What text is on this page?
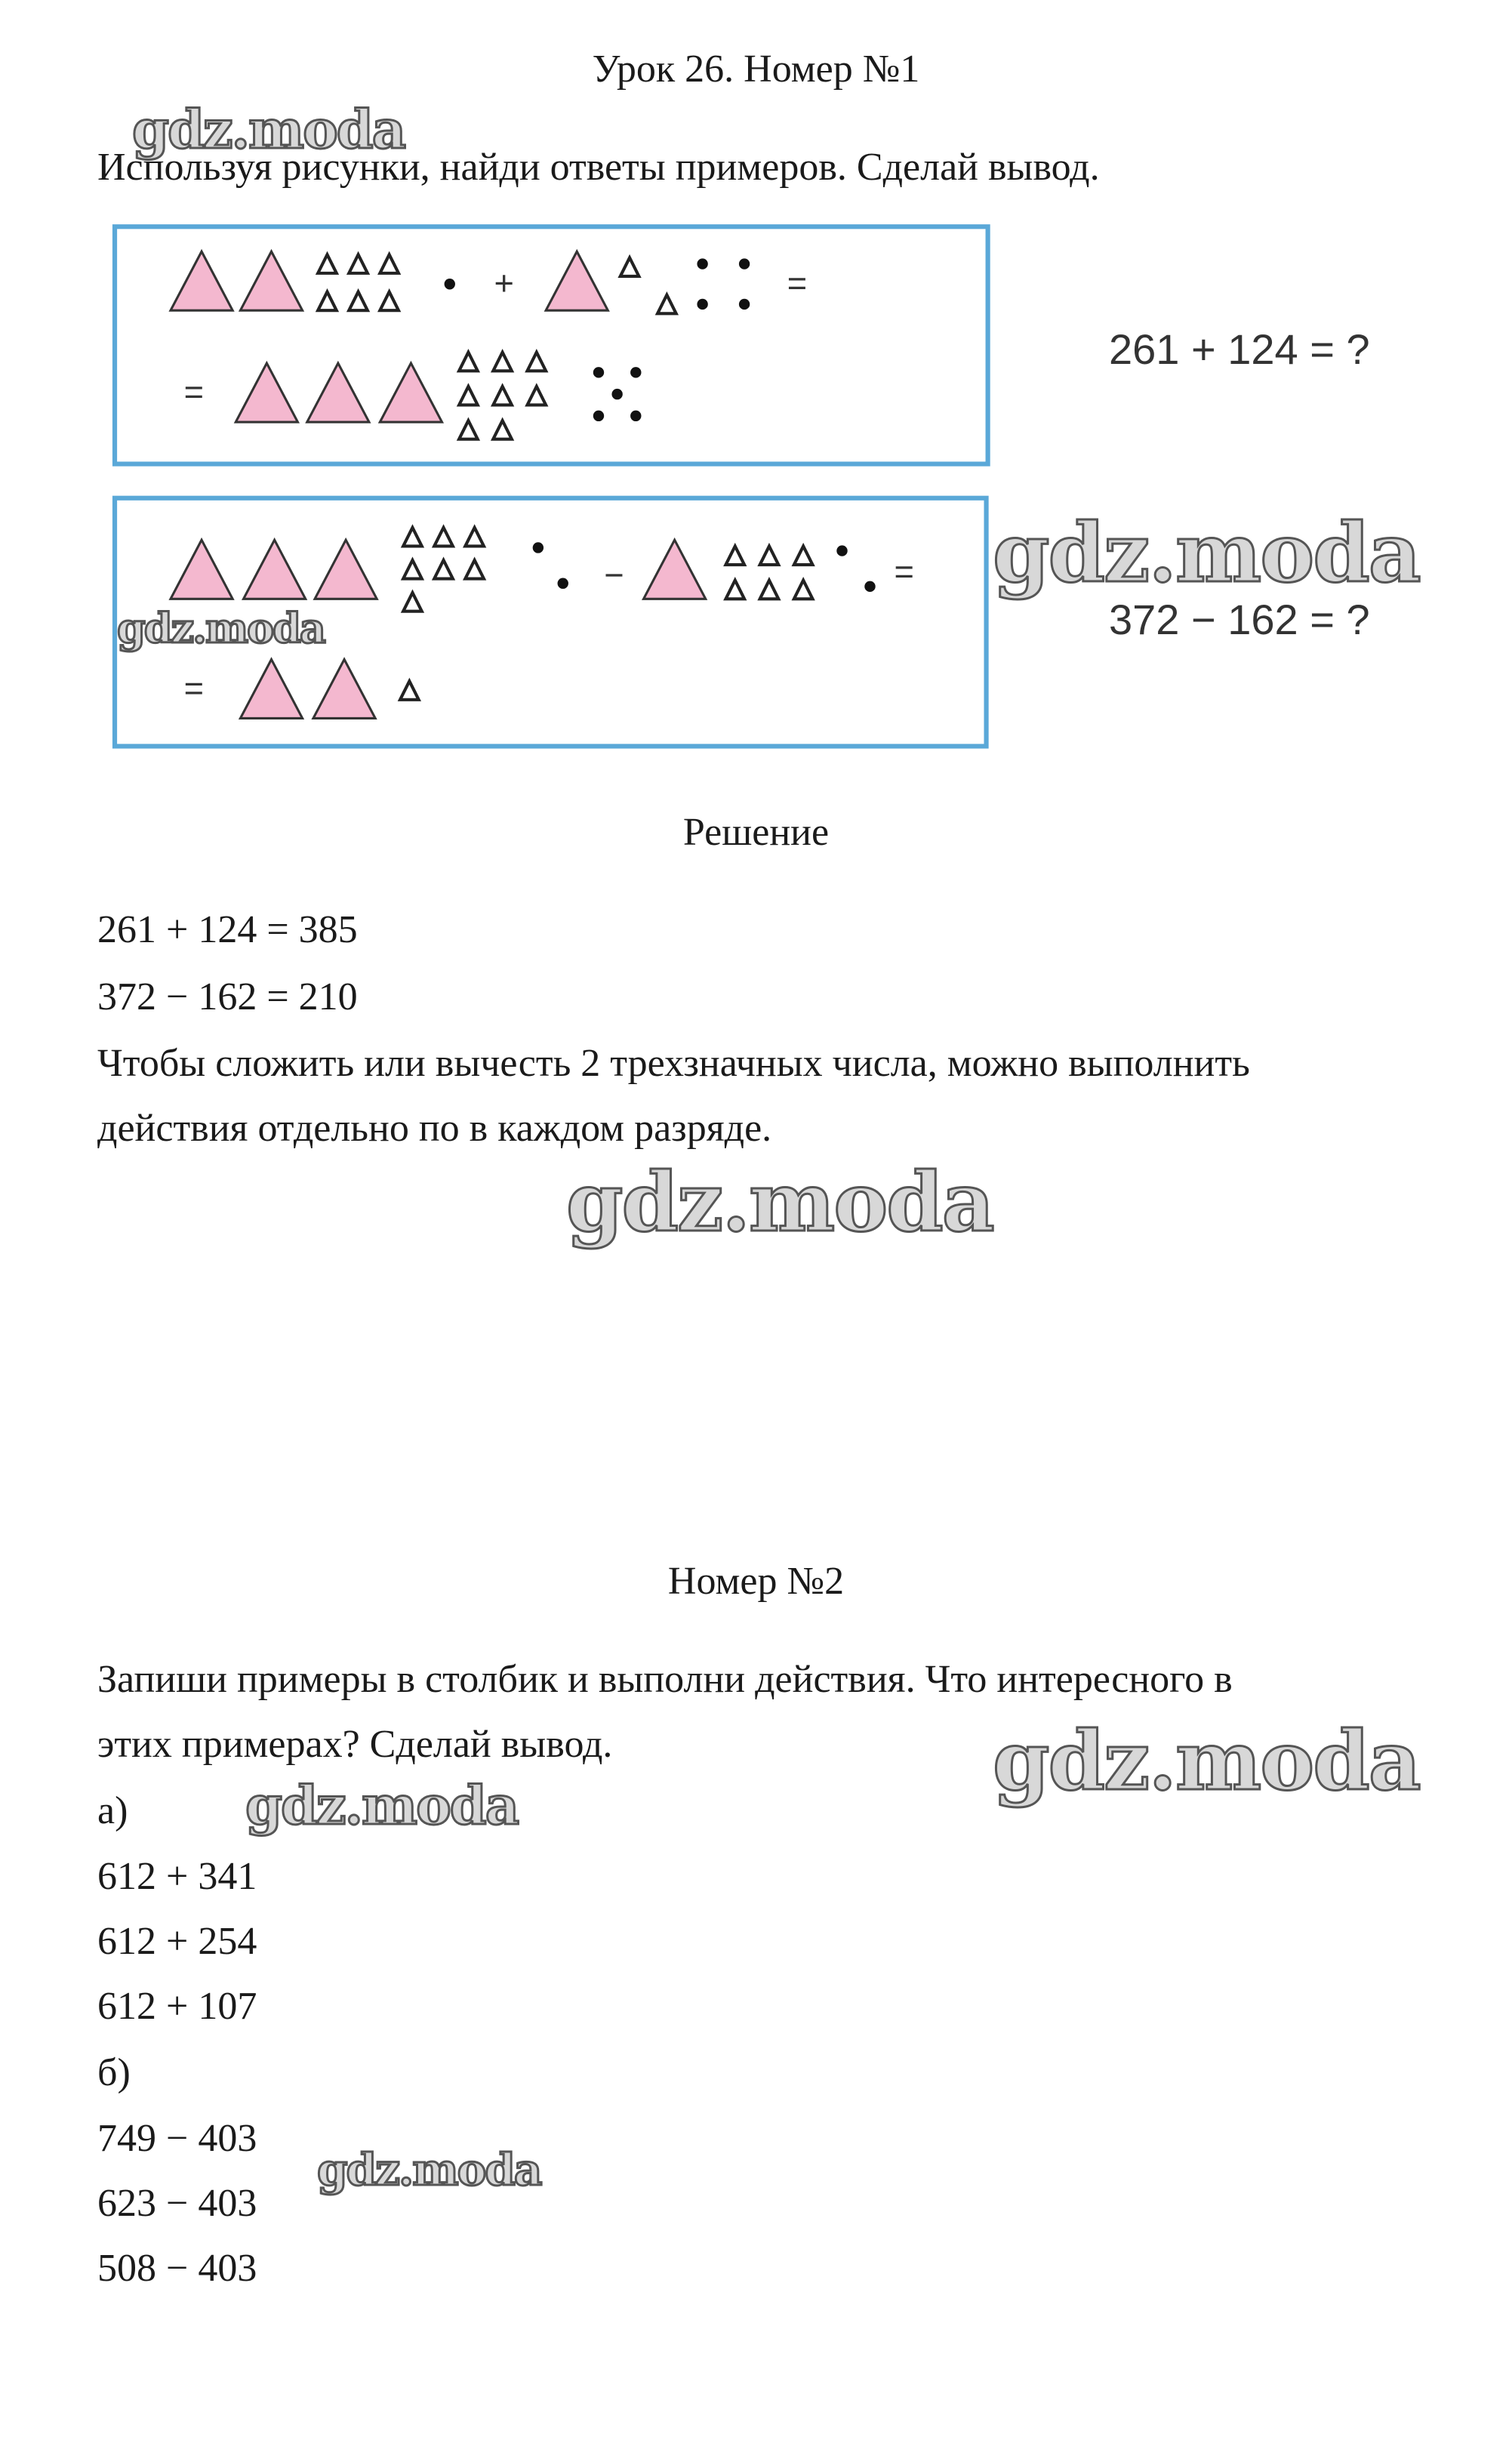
+	=
=
−	=
=
Урок 26. Номер №1
Используя рисунки, найди ответы примеров. Сделай вывод.
261 + 124 = ?
372 − 162 = ?
Решение
261 + 124 = 385
372 − 162 = 210
Чтобы сложить или вычесть 2 трехзначных числа, можно выполнить
действия отдельно по в каждом разряде.
Номер №2
Запиши примеры в столбик и выполни действия. Что интересного в
этих примерах? Сделай вывод.
а)
612 + 341
612 + 254
612 + 107
б)
749 − 403
623 − 403
508 − 403
gdz.moda
gdz.moda
gdz.moda
gdz.moda
gdz.moda
gdz.moda
gdz.moda
